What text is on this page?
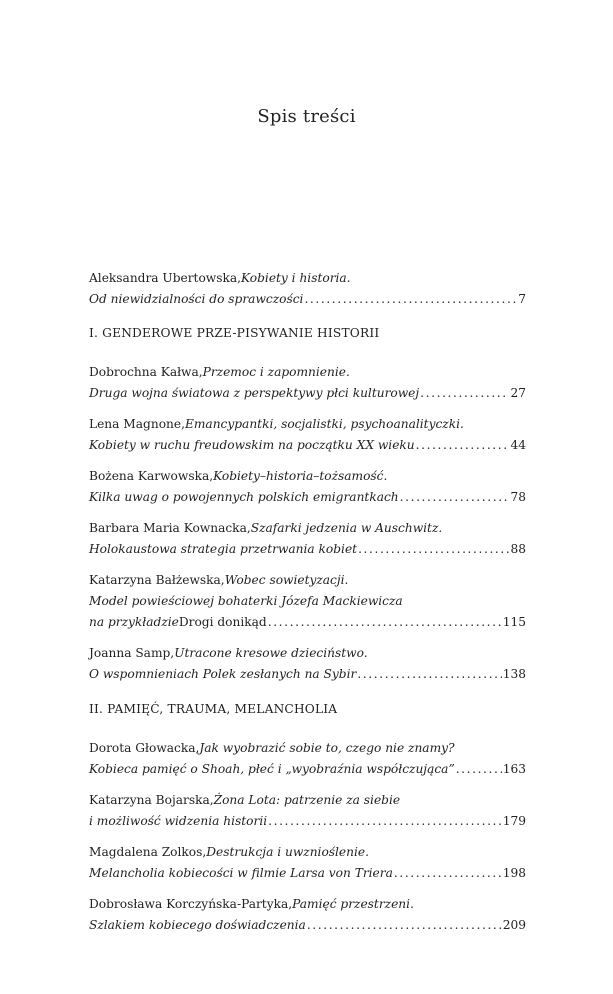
Spis treści
Aleksandra Ubertowska, Kobiety i historia.
Od niewidzialności do sprawczości .....	7
I. GENDEROWE PRZE-PISYWANIE HISTORII
Dobrochna Kałwa, Przemoc i zapomnienie.
Druga wojna światowa z perspektywy płci kulturowej .....	27
Lena Magnone, Emancypantki, socjalistki, psychoanalityczki.
Kobiety w ruchu freudowskim na początku XX wieku .....	44
Bożena Karwowska, Kobiety–historia–tożsamość.
Kilka uwag o powojennych polskich emigrantkach .....	78
Barbara Maria Kownacka, Szafarki jedzenia w Auschwitz.
Holokaustowa strategia przetrwania kobiet .....	88
Katarzyna Bałżewska, Wobec sowietyzacji.
Model powieściowej bohaterki Józefa Mackiewicza
na przykładzie Drogi donikąd .....	115
Joanna Samp, Utracone kresowe dzieciństwo.
O wspomnieniach Polek zesłanych na Sybir .....	138
II. PAMIĘĆ, TRAUMA, MELANCHOLIA
Dorota Głowacka, Jak wyobrazić sobie to, czego nie znamy?
Kobieca pamięć o Shoah, płeć i „wyobraźnia współczująca” .....	163
Katarzyna Bojarska, Żona Lota: patrzenie za siebie
i możliwość widzenia historii .....	179
Magdalena Zolkos, Destrukcja i uwznioślenie.
Melancholia kobiecości w filmie Larsa von Triera .....	198
Dobrosława Korczyńska-Partyka, Pamięć przestrzeni.
Szlakiem kobiecego doświadczenia .....	209
